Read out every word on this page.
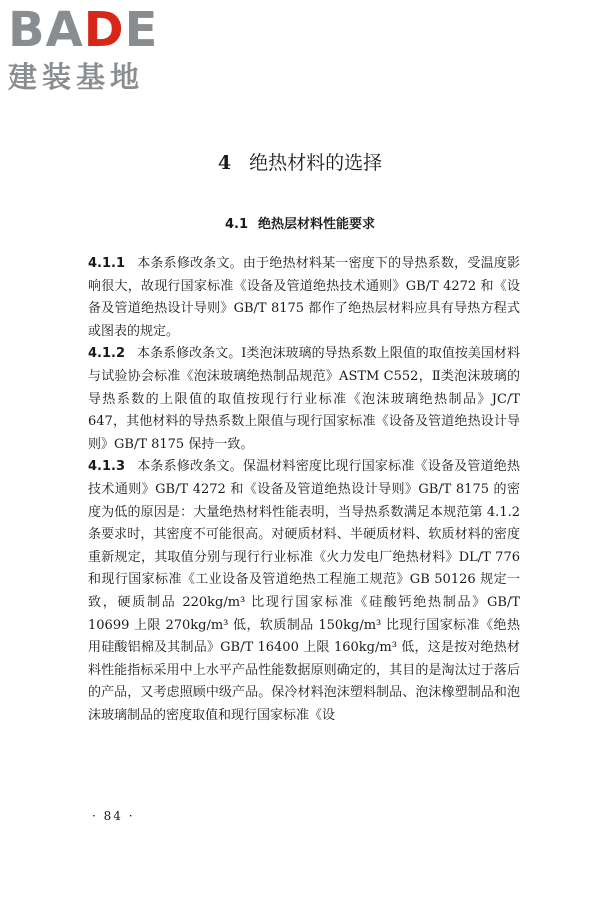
BADE
建装基地
4 绝热材料的选择
4.1 绝热层材料性能要求

4.1.1 本条系修改条文。由于绝热材料某一密度下的导热系数，受温度影响很大，故现行国家标准《设备及管道绝热技术通则》GB/T 4272 和《设备及管道绝热设计导则》GB/T 8175 都作了绝热层材料应具有导热方程式或图表的规定。

4.1.2 本条系修改条文。Ⅰ类泡沫玻璃的导热系数上限值的取值按美国材料与试验协会标准《泡沫玻璃绝热制品规范》ASTM C552，Ⅱ类泡沫玻璃的导热系数的上限值的取值按现行行业标准《泡沫玻璃绝热制品》JC/T 647，其他材料的导热系数上限值与现行国家标准《设备及管道绝热设计导则》GB/T 8175 保持一致。

4.1.3 本条系修改条文。保温材料密度比现行国家标准《设备及管道绝热技术通则》GB/T 4272 和《设备及管道绝热设计导则》GB/T 8175 的密度为低的原因是：大量绝热材料性能表明，当导热系数满足本规范第 4.1.2 条要求时，其密度不可能很高。对硬质材料、半硬质材料、软质材料的密度重新规定，其取值分别与现行行业标准《火力发电厂绝热材料》DL/T 776 和现行国家标准《工业设备及管道绝热工程施工规范》GB 50126 规定一致，硬质制品 220kg/m³ 比现行国家标准《硅酸钙绝热制品》GB/T 10699 上限 270kg/m³ 低，软质制品 150kg/m³ 比现行国家标准《绝热用硅酸铝棉及其制品》GB/T 16400 上限 160kg/m³ 低，这是按对绝热材料性能指标采用中上水平产品性能数据原则确定的，其目的是淘汰过于落后的产品，又考虑照顾中级产品。保冷材料泡沫塑料制品、泡沫橡塑制品和泡沫玻璃制品的密度取值和现行国家标准《设

· 84 ·
